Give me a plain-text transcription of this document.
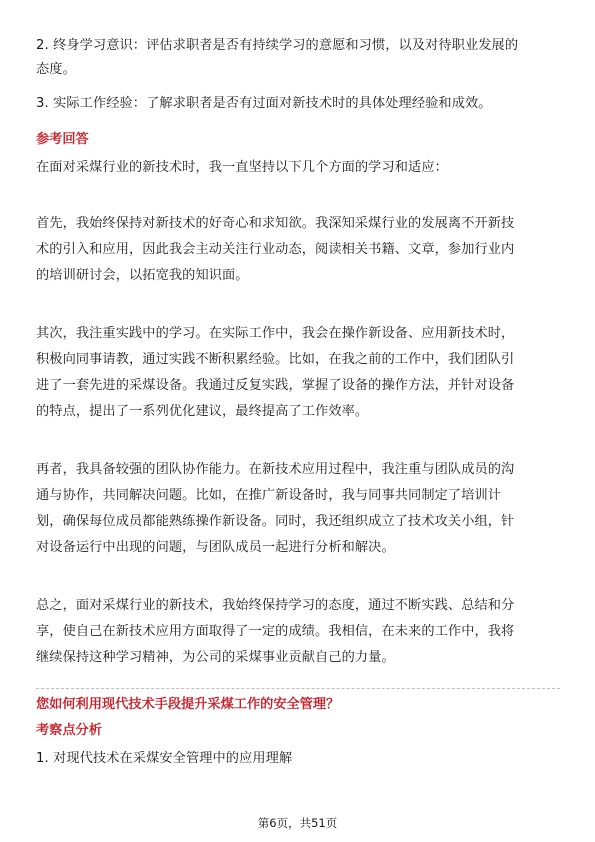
2. 终身学习意识：评估求职者是否有持续学习的意愿和习惯，以及对待职业发展的
态度。
3. 实际工作经验：了解求职者是否有过面对新技术时的具体处理经验和成效。
参考回答
在面对采煤行业的新技术时，我一直坚持以下几个方面的学习和适应：
首先，我始终保持对新技术的好奇心和求知欲。我深知采煤行业的发展离不开新技
术的引入和应用，因此我会主动关注行业动态，阅读相关书籍、文章，参加行业内
的培训研讨会，以拓宽我的知识面。
其次，我注重实践中的学习。在实际工作中，我会在操作新设备、应用新技术时，
积极向同事请教，通过实践不断积累经验。比如，在我之前的工作中，我们团队引
进了一套先进的采煤设备。我通过反复实践，掌握了设备的操作方法，并针对设备
的特点，提出了一系列优化建议，最终提高了工作效率。
再者，我具备较强的团队协作能力。在新技术应用过程中，我注重与团队成员的沟
通与协作，共同解决问题。比如，在推广新设备时，我与同事共同制定了培训计
划，确保每位成员都能熟练操作新设备。同时，我还组织成立了技术攻关小组，针
对设备运行中出现的问题，与团队成员一起进行分析和解决。
总之，面对采煤行业的新技术，我始终保持学习的态度，通过不断实践、总结和分
享，使自己在新技术应用方面取得了一定的成绩。我相信，在未来的工作中，我将
继续保持这种学习精神，为公司的采煤事业贡献自己的力量。
您如何利用现代技术手段提升采煤工作的安全管理？
考察点分析
1. 对现代技术在采煤安全管理中的应用理解
第6页，共51页
